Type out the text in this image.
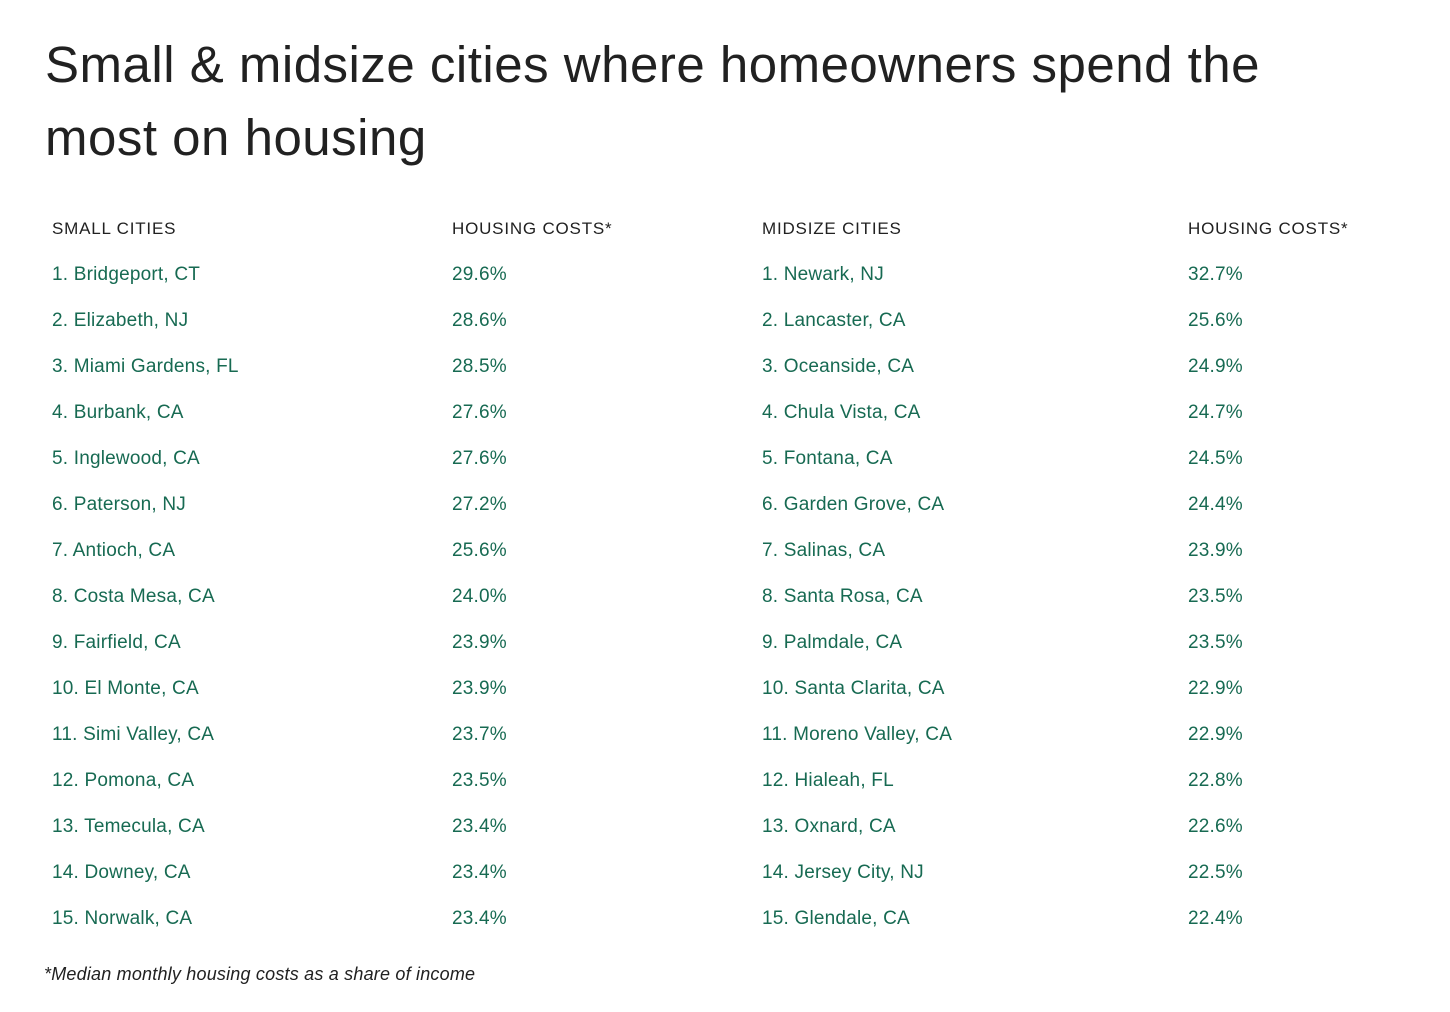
Small & midsize cities where homeowners spend the most on housing
SMALL CITIES	HOUSING COSTS*	MIDSIZE CITIES	HOUSING COSTS*
1. Bridgeport, CT	29.6%	1. Newark, NJ	32.7%
2. Elizabeth, NJ	28.6%	2. Lancaster, CA	25.6%
3. Miami Gardens, FL	28.5%	3. Oceanside, CA	24.9%
4. Burbank, CA	27.6%	4. Chula Vista, CA	24.7%
5. Inglewood, CA	27.6%	5. Fontana, CA	24.5%
6. Paterson, NJ	27.2%	6. Garden Grove, CA	24.4%
7. Antioch, CA	25.6%	7. Salinas, CA	23.9%
8. Costa Mesa, CA	24.0%	8. Santa Rosa, CA	23.5%
9. Fairfield, CA	23.9%	9. Palmdale, CA	23.5%
10. El Monte, CA	23.9%	10. Santa Clarita, CA	22.9%
11. Simi Valley, CA	23.7%	11. Moreno Valley, CA	22.9%
12. Pomona, CA	23.5%	12. Hialeah, FL	22.8%
13. Temecula, CA	23.4%	13. Oxnard, CA	22.6%
14. Downey, CA	23.4%	14. Jersey City, NJ	22.5%
15. Norwalk, CA	23.4%	15. Glendale, CA	22.4%

*Median monthly housing costs as a share of income
